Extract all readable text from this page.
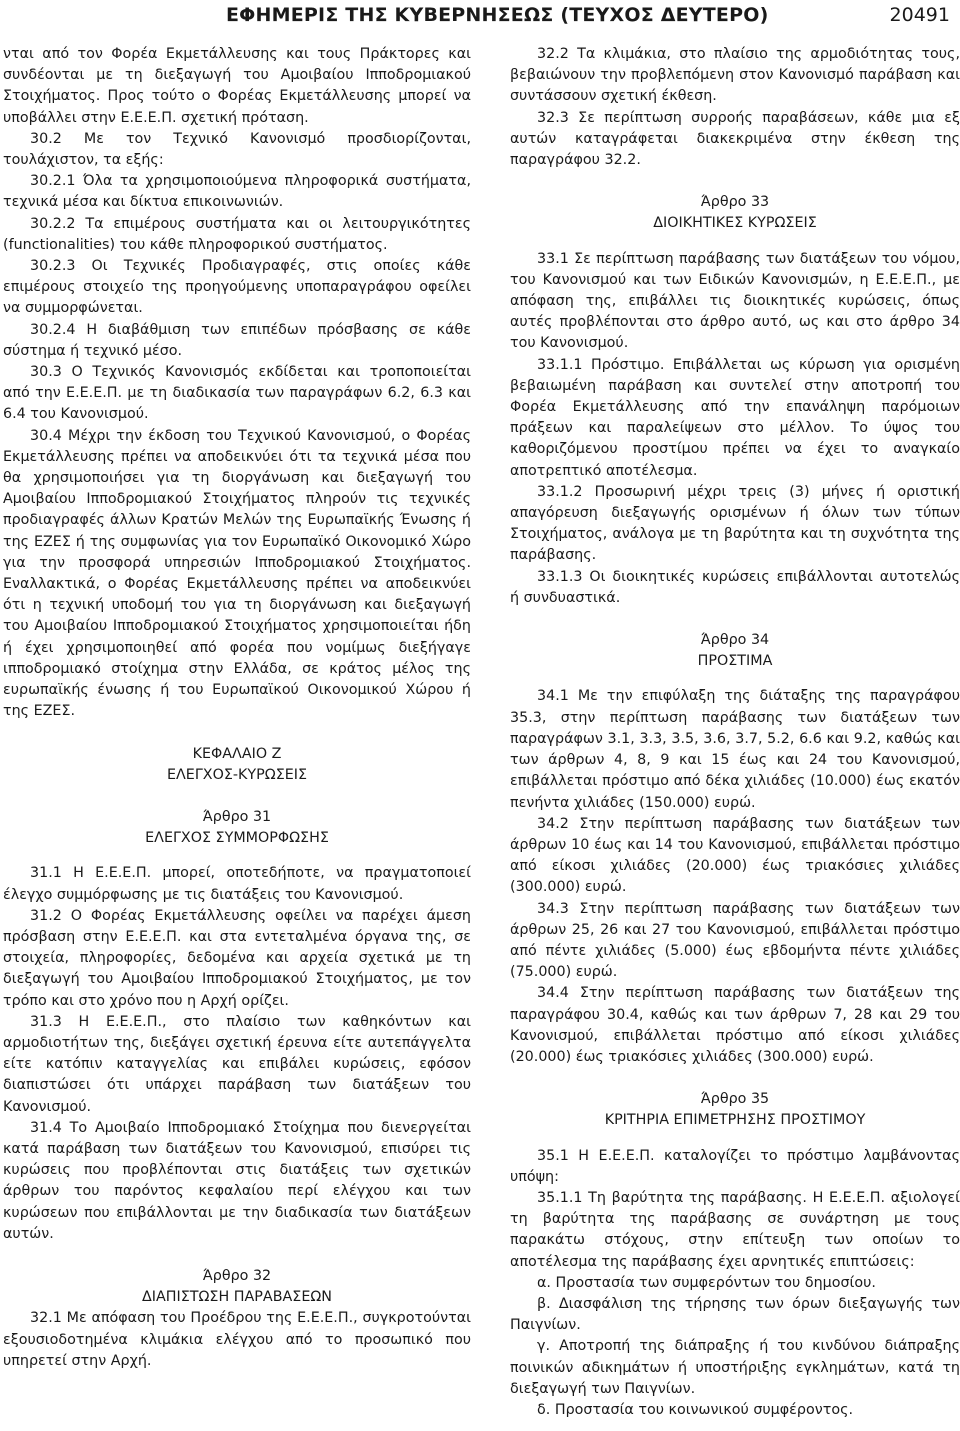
ΕΦΗΜΕΡΙΣ ΤΗΣ ΚΥΒΕΡΝΗΣΕΩΣ (ΤΕΥΧΟΣ ΔΕΥΤΕΡΟ)	20491

νται από τον Φορέα Εκμετάλλευσης και τους Πράκτορες και συνδέονται με τη διεξαγωγή του Αμοιβαίου Ιπποδρομιακού Στοιχήματος. Προς τούτο ο Φορέας Εκμετάλλευσης μπορεί να υποβάλλει στην Ε.Ε.Ε.Π. σχετική πρόταση.

30.2 Με τον Τεχνικό Κανονισμό προσδιορίζονται, τουλάχιστον, τα εξής:

30.2.1 Όλα τα χρησιμοποιούμενα πληροφορικά συστήματα, τεχνικά μέσα και δίκτυα επικοινωνιών.

30.2.2 Τα επιμέρους συστήματα και οι λειτουργικότητες (functionalities) του κάθε πληροφορικού συστήματος.

30.2.3 Οι Τεχνικές Προδιαγραφές, στις οποίες κάθε επιμέρους στοιχείο της προηγούμενης υποπαραγράφου οφείλει να συμμορφώνεται.

30.2.4 Η διαβάθμιση των επιπέδων πρόσβασης σε κάθε σύστημα ή τεχνικό μέσο.

30.3 Ο Τεχνικός Κανονισμός εκδίδεται και τροποποιείται από την Ε.Ε.Ε.Π. με τη διαδικασία των παραγράφων 6.2, 6.3 και 6.4 του Κανονισμού.

30.4 Μέχρι την έκδοση του Τεχνικού Κανονισμού, ο Φορέας Εκμετάλλευσης πρέπει να αποδεικνύει ότι τα τεχνικά μέσα που θα χρησιμοποιήσει για τη διοργάνωση και διεξαγωγή του Αμοιβαίου Ιπποδρομιακού Στοιχήματος πληρούν τις τεχνικές προδιαγραφές άλλων Κρατών Μελών της Ευρωπαϊκής Ένωσης ή της ΕΖΕΣ ή της συμφωνίας για τον Ευρωπαϊκό Οικονομικό Χώρο για την προσφορά υπηρεσιών Ιπποδρομιακού Στοιχήματος. Εναλλακτικά, ο Φορέας Εκμετάλλευσης πρέπει να αποδεικνύει ότι η τεχνική υποδομή του για τη διοργάνωση και διεξαγωγή του Αμοιβαίου Ιπποδρομιακού Στοιχήματος χρησιμοποιείται ήδη ή έχει χρησιμοποιηθεί από φορέα που νομίμως διεξήγαγε ιπποδρομιακό στοίχημα στην Ελλάδα, σε κράτος μέλος της ευρωπαϊκής ένωσης ή του Ευρωπαϊκού Οικονομικού Χώρου ή της ΕΖΕΣ.

ΚΕΦΑΛΑΙΟ Ζ

ΕΛΕΓΧΟΣ-ΚΥΡΩΣΕΙΣ

Άρθρο 31

ΕΛΕΓΧΟΣ ΣΥΜΜΟΡΦΩΣΗΣ

31.1 Η Ε.Ε.Ε.Π. μπορεί, οποτεδήποτε, να πραγματοποιεί έλεγχο συμμόρφωσης με τις διατάξεις του Κανονισμού.

31.2 Ο Φορέας Εκμετάλλευσης οφείλει να παρέχει άμεση πρόσβαση στην Ε.Ε.Ε.Π. και στα εντεταλμένα όργανα της, σε στοιχεία, πληροφορίες, δεδομένα και αρχεία σχετικά με τη διεξαγωγή του Αμοιβαίου Ιπποδρομιακού Στοιχήματος, με τον τρόπο και στο χρόνο που η Αρχή ορίζει.

31.3 Η Ε.Ε.Ε.Π., στο πλαίσιο των καθηκόντων και αρμοδιοτήτων της, διεξάγει σχετική έρευνα είτε αυτεπάγγελτα είτε κατόπιν καταγγελίας και επιβάλει κυρώσεις, εφόσον διαπιστώσει ότι υπάρχει παράβαση των διατάξεων του Κανονισμού.

31.4 Το Αμοιβαίο Ιπποδρομιακό Στοίχημα που διενεργείται κατά παράβαση των διατάξεων του Κανονισμού, επισύρει τις κυρώσεις που προβλέπονται στις διατάξεις των σχετικών άρθρων του παρόντος κεφαλαίου περί ελέγχου και των κυρώσεων που επιβάλλονται με την διαδικασία των διατάξεων αυτών.

Άρθρο 32

ΔΙΑΠΙΣΤΩΣΗ ΠΑΡΑΒΑΣΕΩΝ

32.1 Με απόφαση του Προέδρου της Ε.Ε.Ε.Π., συγκροτούνται εξουσιοδοτημένα κλιμάκια ελέγχου από το προσωπικό που υπηρετεί στην Αρχή.

32.2 Τα κλιμάκια, στο πλαίσιο της αρμοδιότητας τους, βεβαιώνουν την προβλεπόμενη στον Κανονισμό παράβαση και συντάσσουν σχετική έκθεση.

32.3 Σε περίπτωση συρροής παραβάσεων, κάθε μια εξ αυτών καταγράφεται διακεκριμένα στην έκθεση της παραγράφου 32.2.

Άρθρο 33

ΔΙΟΙΚΗΤΙΚΕΣ ΚΥΡΩΣΕΙΣ

33.1 Σε περίπτωση παράβασης των διατάξεων του νόμου, του Κανονισμού και των Ειδικών Κανονισμών, η Ε.Ε.Ε.Π., με απόφαση της, επιβάλλει τις διοικητικές κυρώσεις, όπως αυτές προβλέπονται στο άρθρο αυτό, ως και στο άρθρο 34 του Κανονισμού.

33.1.1 Πρόστιμο. Επιβάλλεται ως κύρωση για ορισμένη βεβαιωμένη παράβαση και συντελεί στην αποτροπή του Φορέα Εκμετάλλευσης από την επανάληψη παρόμοιων πράξεων και παραλείψεων στο μέλλον. Το ύψος του καθοριζόμενου προστίμου πρέπει να έχει το αναγκαίο αποτρεπτικό αποτέλεσμα.

33.1.2 Προσωρινή μέχρι τρεις (3) μήνες ή οριστική απαγόρευση διεξαγωγής ορισμένων ή όλων των τύπων Στοιχήματος, ανάλογα με τη βαρύτητα και τη συχνότητα της παράβασης.

33.1.3 Οι διοικητικές κυρώσεις επιβάλλονται αυτοτελώς ή συνδυαστικά.

Άρθρο 34

ΠΡΟΣΤΙΜΑ

34.1 Με την επιφύλαξη της διάταξης της παραγράφου 35.3, στην περίπτωση παράβασης των διατάξεων των παραγράφων 3.1, 3.3, 3.5, 3.6, 3.7, 5.2, 6.6 και 9.2, καθώς και των άρθρων 4, 8, 9 και 15 έως και 24 του Κανονισμού, επιβάλλεται πρόστιμο από δέκα χιλιάδες (10.000) έως εκατόν πενήντα χιλιάδες (150.000) ευρώ.

34.2 Στην περίπτωση παράβασης των διατάξεων των άρθρων 10 έως και 14 του Κανονισμού, επιβάλλεται πρόστιμο από είκοσι χιλιάδες (20.000) έως τριακόσιες χιλιάδες (300.000) ευρώ.

34.3 Στην περίπτωση παράβασης των διατάξεων των άρθρων 25, 26 και 27 του Κανονισμού, επιβάλλεται πρόστιμο από πέντε χιλιάδες (5.000) έως εβδομήντα πέντε χιλιάδες (75.000) ευρώ.

34.4 Στην περίπτωση παράβασης των διατάξεων της παραγράφου 30.4, καθώς και των άρθρων 7, 28 και 29 του Κανονισμού, επιβάλλεται πρόστιμο από είκοσι χιλιάδες (20.000) έως τριακόσιες χιλιάδες (300.000) ευρώ.

Άρθρο 35

ΚΡΙΤΗΡΙΑ ΕΠΙΜΕΤΡΗΣΗΣ ΠΡΟΣΤΙΜΟΥ

35.1 Η Ε.Ε.Ε.Π. καταλογίζει το πρόστιμο λαμβάνοντας υπόψη:

35.1.1 Τη βαρύτητα της παράβασης. Η Ε.Ε.Ε.Π. αξιολογεί τη βαρύτητα της παράβασης σε συνάρτηση με τους παρακάτω στόχους, στην επίτευξη των οποίων το αποτέλεσμα της παράβασης έχει αρνητικές επιπτώσεις:

α. Προστασία των συμφερόντων του δημοσίου.

β. Διασφάλιση της τήρησης των όρων διεξαγωγής των Παιγνίων.

γ. Αποτροπή της διάπραξης ή του κινδύνου διάπραξης ποινικών αδικημάτων ή υποστήριξης εγκλημάτων, κατά τη διεξαγωγή των Παιγνίων.

δ. Προστασία του κοινωνικού συμφέροντος.
